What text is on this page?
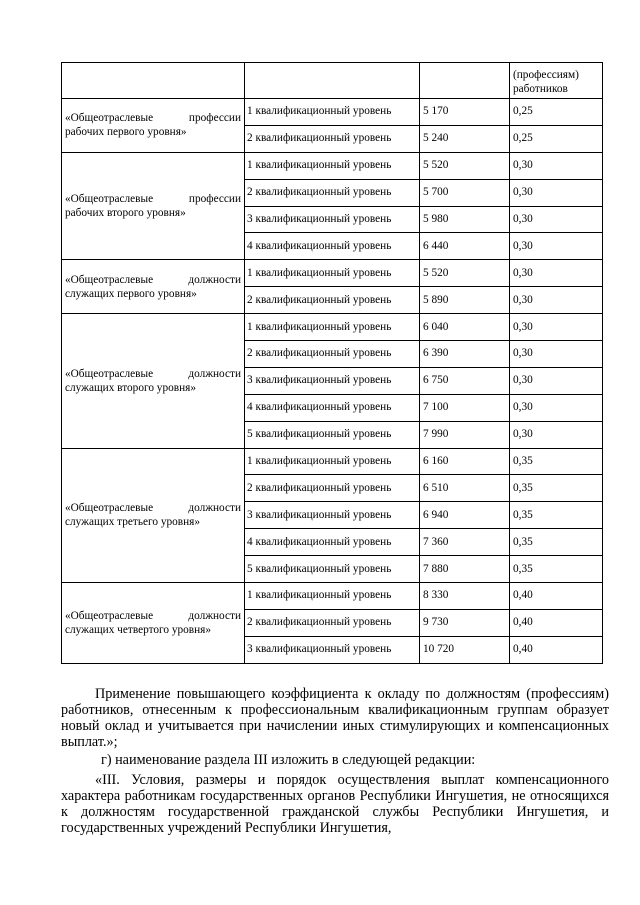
			(профессиям) работников

«Общеотраслевые профессии рабочих первого уровня»	1 квалификационный уровень	5 170	0,25
	2 квалификационный уровень	5 240	0,25
«Общеотраслевые профессии рабочих второго уровня»	1 квалификационный уровень	5 520	0,30
	2 квалификационный уровень	5 700	0,30
	3 квалификационный уровень	5 980	0,30
	4 квалификационный уровень	6 440	0,30
«Общеотраслевые должности служащих первого уровня»	1 квалификационный уровень	5 520	0,30
	2 квалификационный уровень	5 890	0,30
«Общеотраслевые должности служащих второго уровня»	1 квалификационный уровень	6 040	0,30
	2 квалификационный уровень	6 390	0,30
	3 квалификационный уровень	6 750	0,30
	4 квалификационный уровень	7 100	0,30
	5 квалификационный уровень	7 990	0,30
«Общеотраслевые должности служащих третьего уровня»	1 квалификационный уровень	6 160	0,35
	2 квалификационный уровень	6 510	0,35
	3 квалификационный уровень	6 940	0,35
	4 квалификационный уровень	7 360	0,35
	5 квалификационный уровень	7 880	0,35
«Общеотраслевые должности служащих четвертого уровня»	1 квалификационный уровень	8 330	0,40
	2 квалификационный уровень	9 730	0,40
	3 квалификационный уровень	10 720	0,40
Применение повышающего коэффициента к окладу по должностям (профессиям) работников, отнесенным к профессиональным квалификационным группам образует новый оклад и учитывается при начислении иных стимулирующих и компенсационных выплат.»;
г) наименование раздела III изложить в следующей редакции:
«III. Условия, размеры и порядок осуществления выплат компенсационного характера работникам государственных органов Республики Ингушетия, не относящихся к должностям государственной гражданской службы Республики Ингушетия, и государственных учреждений Республики Ингушетия,
